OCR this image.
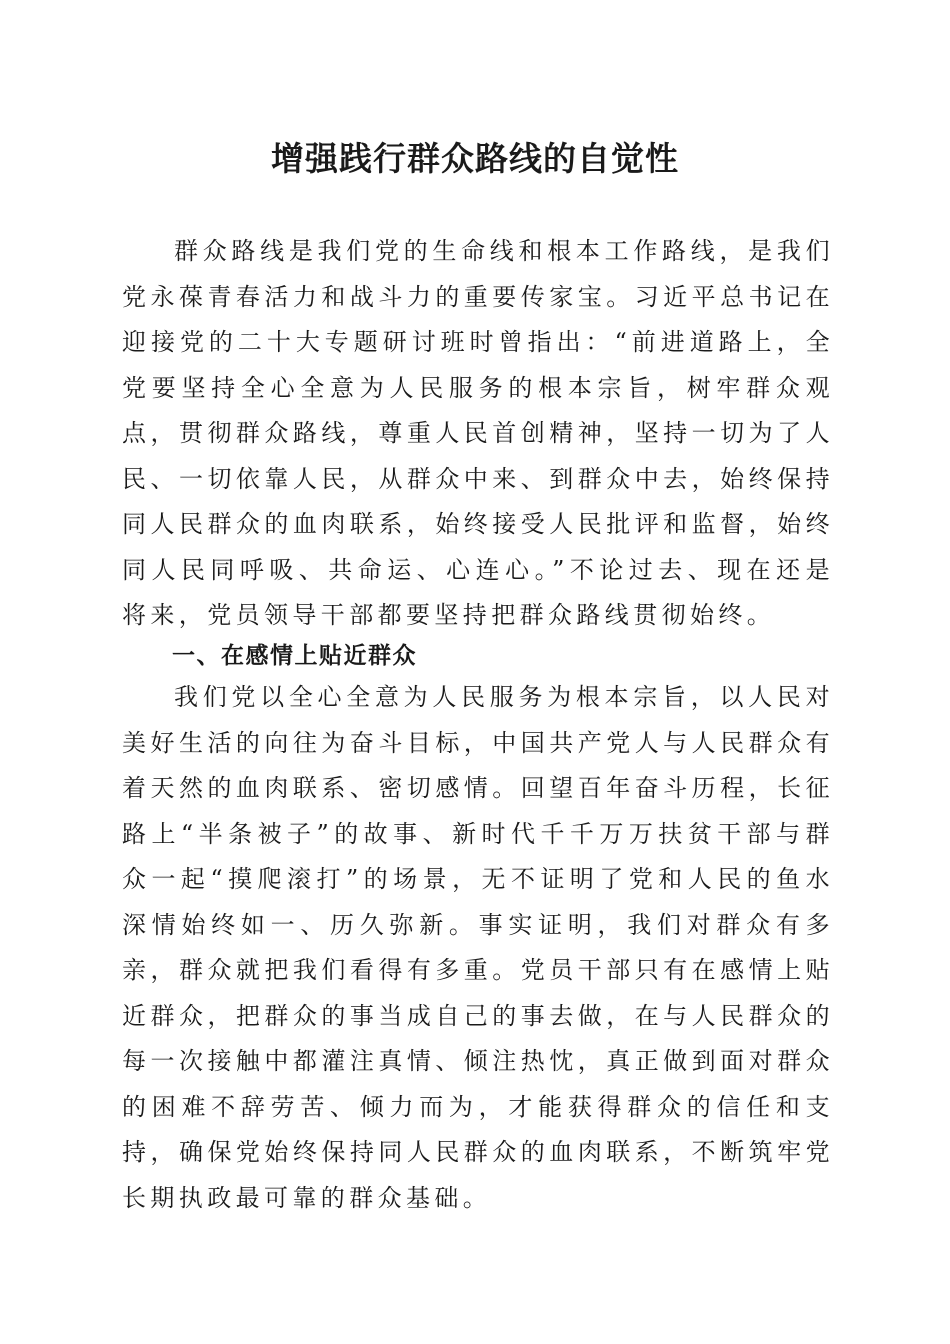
增强践行群众路线的自觉性

群众路线是我们党的生命线和根本工作路线，是我们党永葆青春活力和战斗力的重要传家宝。习近平总书记在迎接党的二十大专题研讨班时曾指出：“前进道路上，全党要坚持全心全意为人民服务的根本宗旨，树牢群众观点，贯彻群众路线，尊重人民首创精神，坚持一切为了人民、一切依靠人民，从群众中来、到群众中去，始终保持同人民群众的血肉联系，始终接受人民批评和监督，始终同人民同呼吸、共命运、心连心。”不论过去、现在还是将来，党员领导干部都要坚持把群众路线贯彻始终。

一、在感情上贴近群众

我们党以全心全意为人民服务为根本宗旨，以人民对美好生活的向往为奋斗目标，中国共产党人与人民群众有着天然的血肉联系、密切感情。回望百年奋斗历程，长征路上“半条被子”的故事、新时代千千万万扶贫干部与群众一起“摸爬滚打”的场景，无不证明了党和人民的鱼水深情始终如一、历久弥新。事实证明，我们对群众有多亲，群众就把我们看得有多重。党员干部只有在感情上贴近群众，把群众的事当成自己的事去做，在与人民群众的每一次接触中都灌注真情、倾注热忱，真正做到面对群众的困难不辞劳苦、倾力而为，才能获得群众的信任和支持，确保党始终保持同人民群众的血肉联系，不断筑牢党长期执政最可靠的群众基础。
